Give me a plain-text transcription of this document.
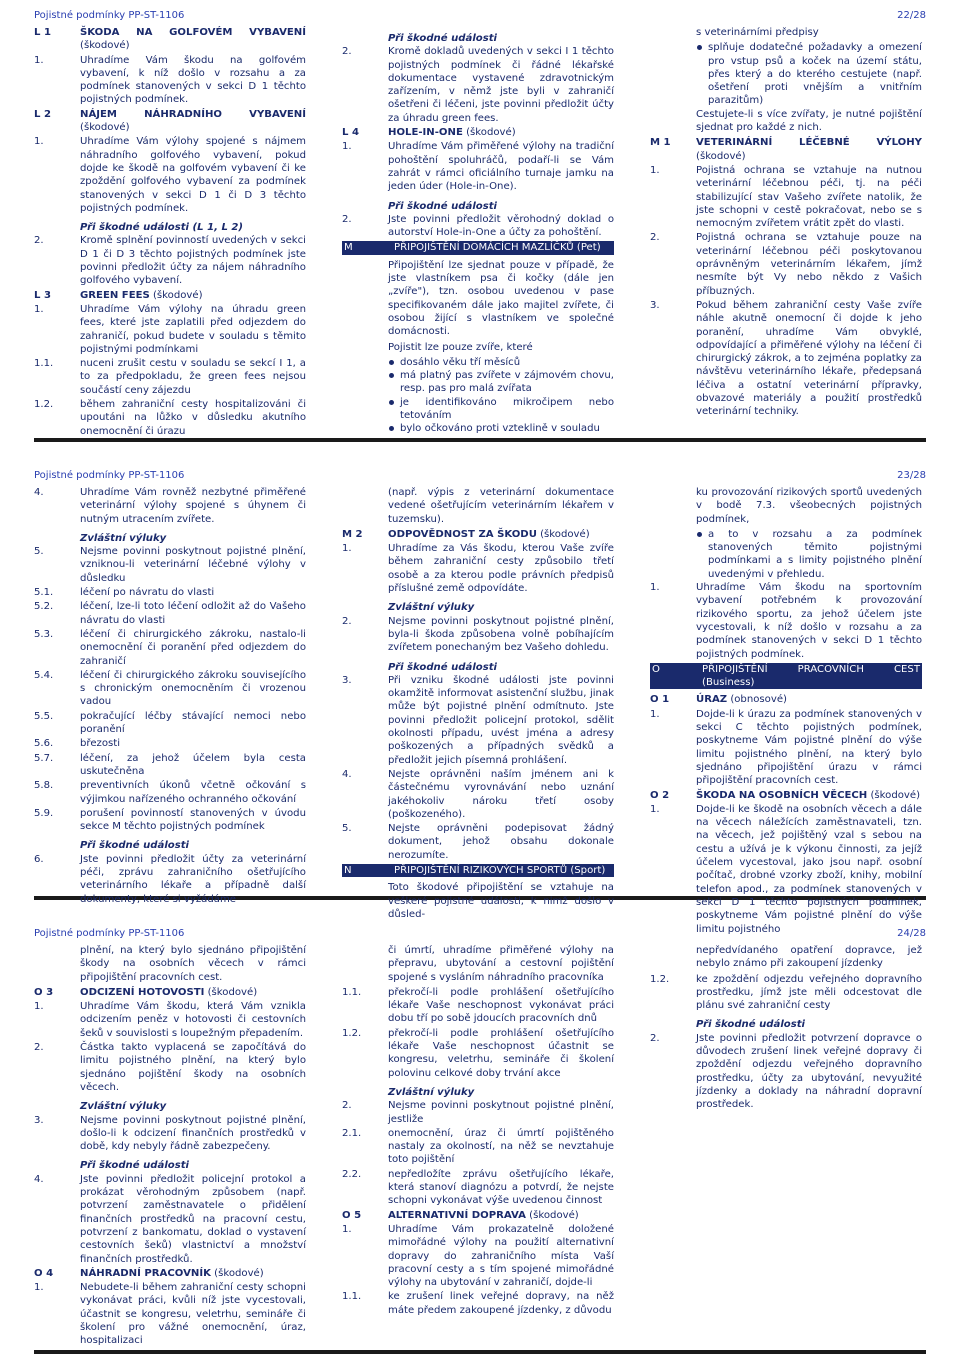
Pojistné podmínky PP-ST-1106	22/28
L 1	ŠKODA NA GOLFOVÉM VYBAVENÍ (škodové)
1.	Uhradíme Vám škodu na golfovém vybavení, k níž došlo v rozsahu a za podmínek stanovených v sekci D 1 těchto pojistných podmínek.
L 2	NÁJEM NÁHRADNÍHO VYBAVENÍ (škodové)
1.	Uhradíme Vám výlohy spojené s nájmem náhradního golfového vybavení, pokud dojde ke škodě na golfovém vybavení či ke zpoždění golfového vybavení za podmínek stanovených v sekci D 1 či D 3 těchto pojistných podmínek.
Při škodné události (L 1, L 2)
2.	Kromě splnění povinností uvedených v sekci D 1 či D 3 těchto pojistných podmínek jste povinni předložit účty za nájem náhradního golfového vybavení.
L 3	GREEN FEES (škodové)
1.	Uhradíme Vám výlohy na úhradu green fees, které jste zaplatili před odjezdem do zahraničí, pokud budete v souladu s těmito pojistnými podmínkami
1.1.	nuceni zrušit cestu v souladu se sekcí I 1, a to za předpokladu, že green fees nejsou součástí ceny zájezdu
1.2.	během zahraniční cesty hospitalizováni či upoutáni na lůžko v důsledku akutního onemocnění či úrazu
Při škodné události
2.	Kromě dokladů uvedených v sekci I 1 těchto pojistných podmínek či řádné lékařské dokumentace vystavené zdravotnickým zařízením, v němž jste byli v zahraničí ošetřeni či léčeni, jste povinni předložit účty za úhradu green fees.
L 4	HOLE-IN-ONE (škodové)
1.	Uhradíme Vám přiměřené výlohy na tradiční pohoštění spoluhráčů, podaří-li se Vám zahrát v rámci oficiálního turnaje jamku na jeden úder (Hole-in-One).
Při škodné události
2.	Jste povinni předložit věrohodný doklad o autorství Hole-in-One a účty za pohoštění.
M	PŘIPOJIŠTĚNÍ DOMÁCÍCH MAZLÍČKŮ (Pet)
Připojištění lze sjednat pouze v případě, že jste vlastníkem psa či kočky (dále jen „zvíře"), tzn. osobou uvedenou v pase specifikovaném dále jako majitel zvířete, či osobou žijící s vlastníkem ve společné domácnosti.
Pojistit lze pouze zvíře, které
dosáhlo věku tří měsíců
má platný pas zvířete v zájmovém chovu, resp. pas pro malá zvířata
je identifikováno mikročipem nebo tetováním
bylo očkováno proti vzteklině v souladu
s veterinárními předpisy
splňuje dodatečné požadavky a omezení pro vstup psů a koček na území státu, přes který a do kterého cestujete (např. ošetření proti vnějším a vnitřním parazitům)
Cestujete-li s více zvířaty, je nutné pojištění sjednat pro každé z nich.
M 1	VETERINÁRNÍ LÉČEBNÉ VÝLOHY (škodové)
1.	Pojistná ochrana se vztahuje na nutnou veterinární léčebnou péči, tj. na péči stabilizující stav Vašeho zvířete natolik, že jste schopni v cestě pokračovat, nebo se s nemocným zvířetem vrátit zpět do vlasti.
2.	Pojistná ochrana se vztahuje pouze na veterinární léčebnou péči poskytovanou oprávněným veterinárním lékařem, jímž nesmíte být Vy nebo někdo z Vašich příbuzných.
3.	Pokud během zahraniční cesty Vaše zvíře náhle akutně onemocní či dojde k jeho poranění, uhradíme Vám obvyklé, odpovídající a přiměřené výlohy na léčení či chirurgický zákrok, a to zejména poplatky za návštěvu veterinárního lékaře, předepsaná léčiva a ostatní veterinární přípravky, obvazové materiály a použití prostředků veterinární techniky.
Pojistné podmínky PP-ST-1106	23/28
4.	Uhradíme Vám rovněž nezbytné přiměřené veterinární výlohy spojené s úhynem či nutným utracením zvířete.
Zvláštní výluky
5.	Nejsme povinni poskytnout pojistné plnění, vzniknou-li veterinární léčebné výlohy v důsledku
5.1.	léčení po návratu do vlasti
5.2.	léčení, lze-li toto léčení odložit až do Vašeho návratu do vlasti
5.3.	léčení či chirurgického zákroku, nastalo-li onemocnění či poranění před odjezdem do zahraničí
5.4.	léčení či chirurgického zákroku souvisejícího s chronickým onemocněním či vrozenou vadou
5.5.	pokračující léčby stávající nemoci nebo poranění
5.6.	březosti
5.7.	léčení, za jehož účelem byla cesta uskutečněna
5.8.	preventivních úkonů včetně očkování s výjimkou nařízeného ochranného očkování
5.9.	porušení povinností stanovených v úvodu sekce M těchto pojistných podmínek
Při škodné události
6.	Jste povinni předložit účty za veterinární péči, zprávu zahraničního ošetřujícího veterinárního lékaře a případně další dokumenty, které si vyžádáme
(např. výpis z veterinární dokumentace vedené ošetřujícím veterinárním lékařem v tuzemsku).
M 2	ODPOVĚDNOST ZA ŠKODU (škodové)
1.	Uhradíme za Vás škodu, kterou Vaše zvíře během zahraniční cesty způsobilo třetí osobě a za kterou podle právních předpisů příslušné země odpovídáte.
Zvláštní výluky
2.	Nejsme povinni poskytnout pojistné plnění, byla-li škoda způsobena volně pobíhajícím zvířetem ponechaným bez Vašeho dohledu.
Při škodné události
3.	Při vzniku škodné události jste povinni okamžitě informovat asistenční službu, jinak může být pojistné plnění odmítnuto. Jste povinni předložit policejní protokol, sdělit okolnosti případu, uvést jména a adresy poškozených a případných svědků a předložit jejich písemná prohlášení.
4.	Nejste oprávněni naším jménem ani k částečnému vyrovnávání nebo uznání jakéhokoliv nároku třetí osoby (poškozeného).
5.	Nejste oprávněni podepisovat žádný dokument, jehož obsahu dokonale nerozumíte.
N	PŘIPOJIŠTĚNÍ RIZIKOVÝCH SPORTŮ (Sport)
Toto škodové připojištění se vztahuje na veškeré pojistné události, k nimž došlo v důsled-
ku provozování rizikových sportů uvedených v bodě 7.3. všeobecných pojistných podmínek,
a to v rozsahu a za podmínek stanovených těmito pojistnými podmínkami a s limity pojistného plnění uvedenými v přehledu.
1.	Uhradíme Vám škodu na sportovním vybavení potřebném k provozování rizikového sportu, za jehož účelem jste vycestovali, k níž došlo v rozsahu a za podmínek stanovených v sekci D 1 těchto pojistných podmínek.
O	PŘIPOJIŠTĚNÍ PRACOVNÍCH CEST (Business)
O 1	ÚRAZ (obnosové)
1.	Dojde-li k úrazu za podmínek stanovených v sekci C těchto pojistných podmínek, poskytneme Vám pojistné plnění do výše limitu pojistného plnění, na který bylo sjednáno připojištění úrazu v rámci připojištění pracovních cest.
O 2	ŠKODA NA OSOBNÍCH VĚCECH (škodové)
1.	Dojde-li ke škodě na osobních věcech a dále na věcech náležících zaměstnavateli, tzn. na věcech, jež pojištěný vzal s sebou na cestu a užívá je k výkonu činnosti, za jejíž účelem vycestoval, jako jsou např. osobní počítač, drobné vzorky zboží, knihy, mobilní telefon apod., za podmínek stanovených v sekci D 1 těchto pojistných podmínek, poskytneme Vám pojistné plnění do výše limitu pojistného
Pojistné podmínky PP-ST-1106	24/28
plnění, na který bylo sjednáno připojištění škody na osobních věcech v rámci připojištění pracovních cest.
O 3	ODCIZENÍ HOTOVOSTI (škodové)
1.	Uhradíme Vám škodu, která Vám vznikla odcizením peněz v hotovosti či cestovních šeků v souvislosti s loupežným přepadením.
2.	Částka takto vyplacená se započítává do limitu pojistného plnění, na který bylo sjednáno pojištění škody na osobních věcech.
Zvláštní výluky
3.	Nejsme povinni poskytnout pojistné plnění, došlo-li k odcizení finančních prostředků v době, kdy nebyly řádně zabezpečeny.
Při škodné události
4.	Jste povinni předložit policejní protokol a prokázat věrohodným způsobem (např. potvrzení zaměstnavatele o přidělení finančních prostředků na pracovní cestu, potvrzení z bankomatu, doklad o vystavení cestovních šeků) vlastnictví a množství finančních prostředků.
O 4	NÁHRADNÍ PRACOVNÍK (škodové)
1.	Nebudete-li během zahraniční cesty schopni vykonávat práci, kvůli níž jste vycestovali, účastnit se kongresu, veletrhu, semináře či školení pro vážné onemocnění, úraz, hospitalizaci
či úmrtí, uhradíme přiměřené výlohy na přepravu, ubytování a cestovní pojištění spojené s vysláním náhradního pracovníka
1.1.	překročí-li podle prohlášení ošetřujícího lékaře Vaše neschopnost vykonávat práci dobu tří po sobě jdoucích pracovních dnů
1.2.	překročí-li podle prohlášení ošetřujícího lékaře Vaše neschopnost účastnit se kongresu, veletrhu, semináře či školení polovinu celkové doby trvání akce
Zvláštní výluky
2.	Nejsme povinni poskytnout pojistné plnění, jestliže
2.1.	onemocnění, úraz či úmrtí pojištěného nastaly za okolností, na něž se nevztahuje toto pojištění
2.2.	nepředložíte zprávu ošetřujícího lékaře, která stanoví diagnózu a potvrdí, že nejste schopni vykonávat výše uvedenou činnost
O 5	ALTERNATIVNÍ DOPRAVA (škodové)
1.	Uhradíme Vám prokazatelně doložené mimořádné výlohy na použití alternativní dopravy do zahraničního místa Vaší pracovní cesty a s tím spojené mimořádné výlohy na ubytování v zahraničí, dojde-li
1.1.	ke zrušení linek veřejné dopravy, na něž máte předem zakoupené jízdenky, z důvodu
nepředvídaného opatření dopravce, jež nebylo známo při zakoupení jízdenky
1.2.	ke zpoždění odjezdu veřejného dopravního prostředku, jímž jste měli odcestovat dle plánu své zahraniční cesty
Při škodné události
2.	Jste povinni předložit potvrzení dopravce o důvodech zrušení linek veřejné dopravy či zpoždění odjezdu veřejného dopravního prostředku, účty za ubytování, nevyužité jízdenky a doklady na náhradní dopravní prostředek.
